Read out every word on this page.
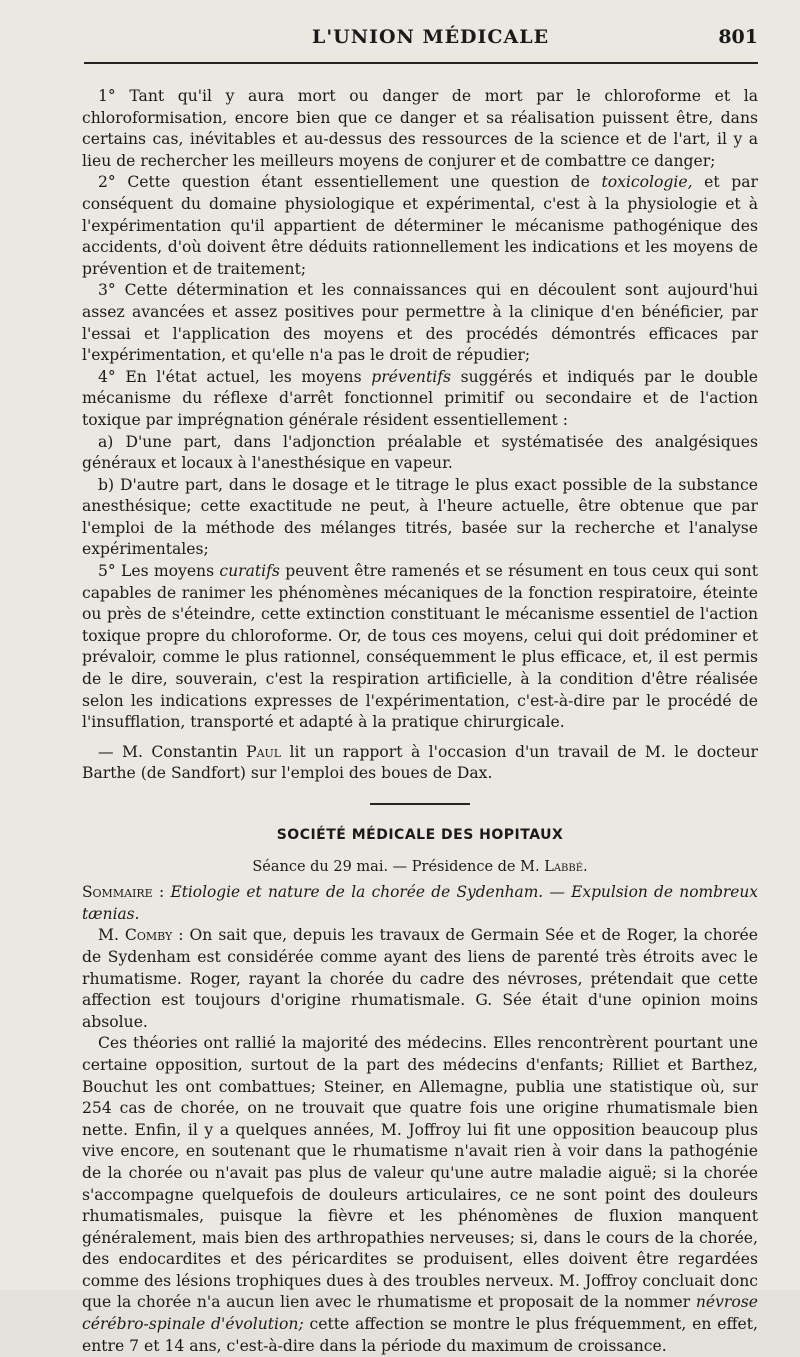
L'UNION MÉDICALE	801

1° Tant qu'il y aura mort ou danger de mort par le chloroforme et la chloroformisation, encore bien que ce danger et sa réalisation puissent être, dans certains cas, inévitables et au-dessus des ressources de la science et de l'art, il y a lieu de rechercher les meilleurs moyens de conjurer et de combattre ce danger;

2° Cette question étant essentiellement une question de toxicologie, et par conséquent du domaine physiologique et expérimental, c'est à la physiologie et à l'expérimentation qu'il appartient de déterminer le mécanisme pathogénique des accidents, d'où doivent être déduits rationnellement les indications et les moyens de prévention et de traitement;

3° Cette détermination et les connaissances qui en découlent sont aujourd'hui assez avancées et assez positives pour permettre à la clinique d'en bénéficier, par l'essai et l'application des moyens et des procédés démontrés efficaces par l'expérimentation, et qu'elle n'a pas le droit de répudier;

4° En l'état actuel, les moyens préventifs suggérés et indiqués par le double mécanisme du réflexe d'arrêt fonctionnel primitif ou secondaire et de l'action toxique par imprégnation générale résident essentiellement :

a) D'une part, dans l'adjonction préalable et systématisée des analgésiques généraux et locaux à l'anesthésique en vapeur.

b) D'autre part, dans le dosage et le titrage le plus exact possible de la substance anesthésique; cette exactitude ne peut, à l'heure actuelle, être obtenue que par l'emploi de la méthode des mélanges titrés, basée sur la recherche et l'analyse expérimentales;

5° Les moyens curatifs peuvent être ramenés et se résument en tous ceux qui sont capables de ranimer les phénomènes mécaniques de la fonction respiratoire, éteinte ou près de s'éteindre, cette extinction constituant le mécanisme essentiel de l'action toxique propre du chloroforme. Or, de tous ces moyens, celui qui doit prédominer et prévaloir, comme le plus rationnel, conséquemment le plus efficace, et, il est permis de le dire, souverain, c'est la respiration artificielle, à la condition d'être réalisée selon les indications expresses de l'expérimentation, c'est-à-dire par le procédé de l'insufflation, transporté et adapté à la pratique chirurgicale.

— M. Constantin Paul lit un rapport à l'occasion d'un travail de M. le docteur Barthe (de Sandfort) sur l'emploi des boues de Dax.

SOCIÉTÉ MÉDICALE DES HOPITAUX
Séance du 29 mai. — Présidence de M. Labbé.

Sommaire : Etiologie et nature de la chorée de Sydenham. — Expulsion de nombreux tænias.

M. Comby : On sait que, depuis les travaux de Germain Sée et de Roger, la chorée de Sydenham est considérée comme ayant des liens de parenté très étroits avec le rhumatisme. Roger, rayant la chorée du cadre des névroses, prétendait que cette affection est toujours d'origine rhumatismale. G. Sée était d'une opinion moins absolue.

Ces théories ont rallié la majorité des médecins. Elles rencontrèrent pourtant une certaine opposition, surtout de la part des médecins d'enfants; Rilliet et Barthez, Bouchut les ont combattues; Steiner, en Allemagne, publia une statistique où, sur 254 cas de chorée, on ne trouvait que quatre fois une origine rhumatismale bien nette. Enfin, il y a quelques années, M. Joffroy lui fit une opposition beaucoup plus vive encore, en soutenant que le rhumatisme n'avait rien à voir dans la pathogénie de la chorée ou n'avait pas plus de valeur qu'une autre maladie aiguë; si la chorée s'accompagne quelquefois de douleurs articulaires, ce ne sont point des douleurs rhumatismales, puisque la fièvre et les phénomènes de fluxion manquent généralement, mais bien des arthropathies nerveuses; si, dans le cours de la chorée, des endocardites et des péricardites se produisent, elles doivent être regardées comme des lésions trophiques dues à des troubles nerveux. M. Joffroy concluait donc que la chorée n'a aucun lien avec le rhumatisme et proposait de la nommer névrose cérébro-spinale d'évolution; cette affection se montre le plus fréquemment, en effet, entre 7 et 14 ans, c'est-à-dire dans la période du maximum de croissance.
